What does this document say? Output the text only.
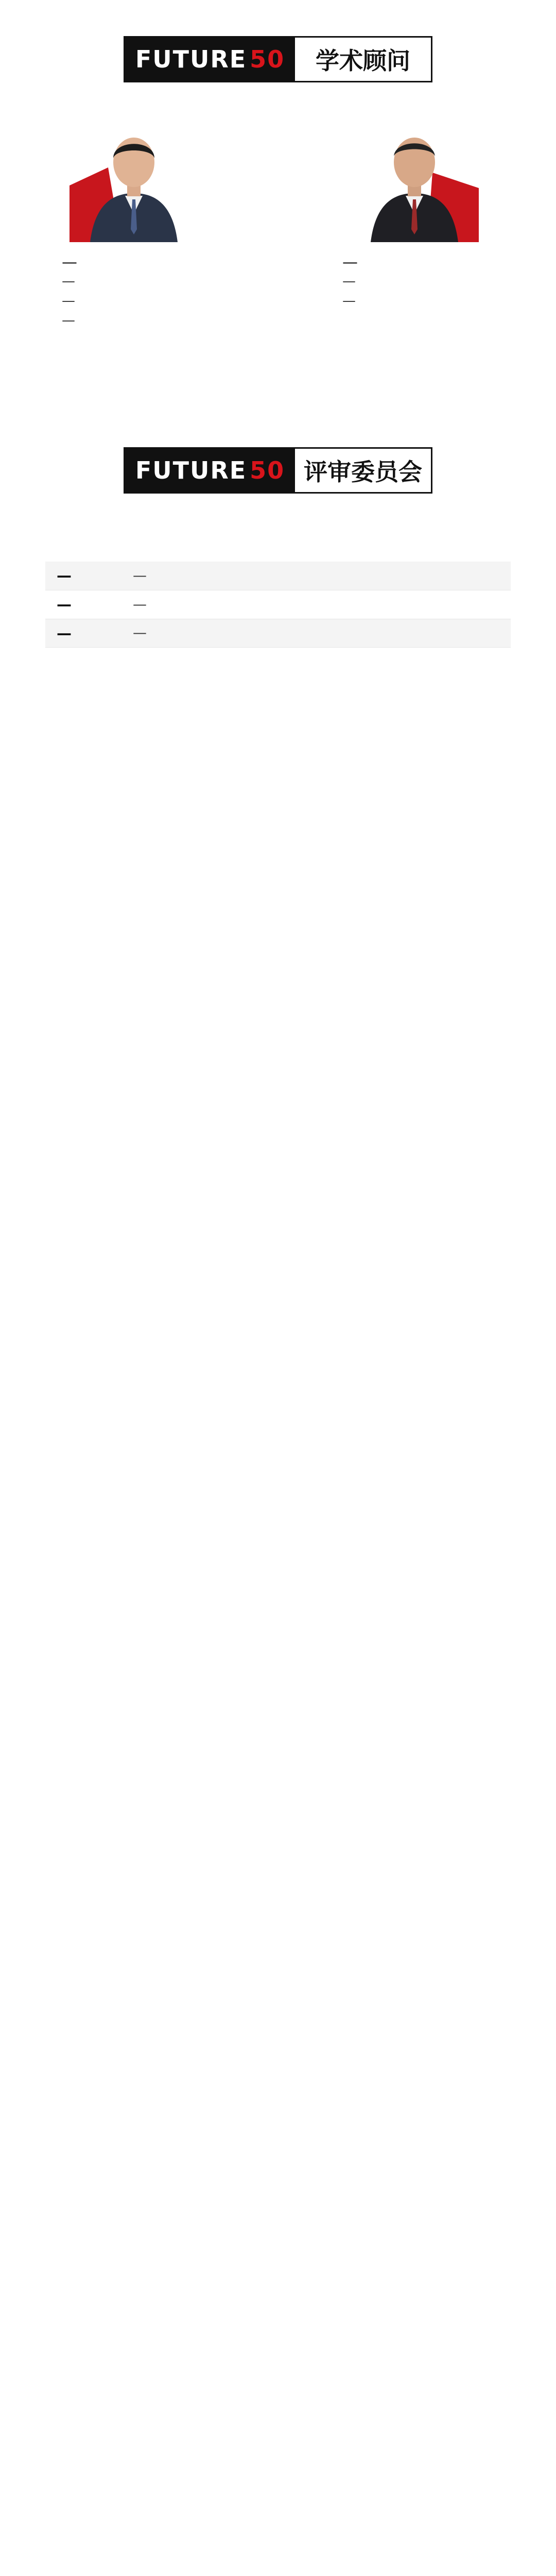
FUTURE 50	学术顾问
—
—
—
—
—
—
—
FUTURE 50 评审委员会
—	—
—	—
—	—
